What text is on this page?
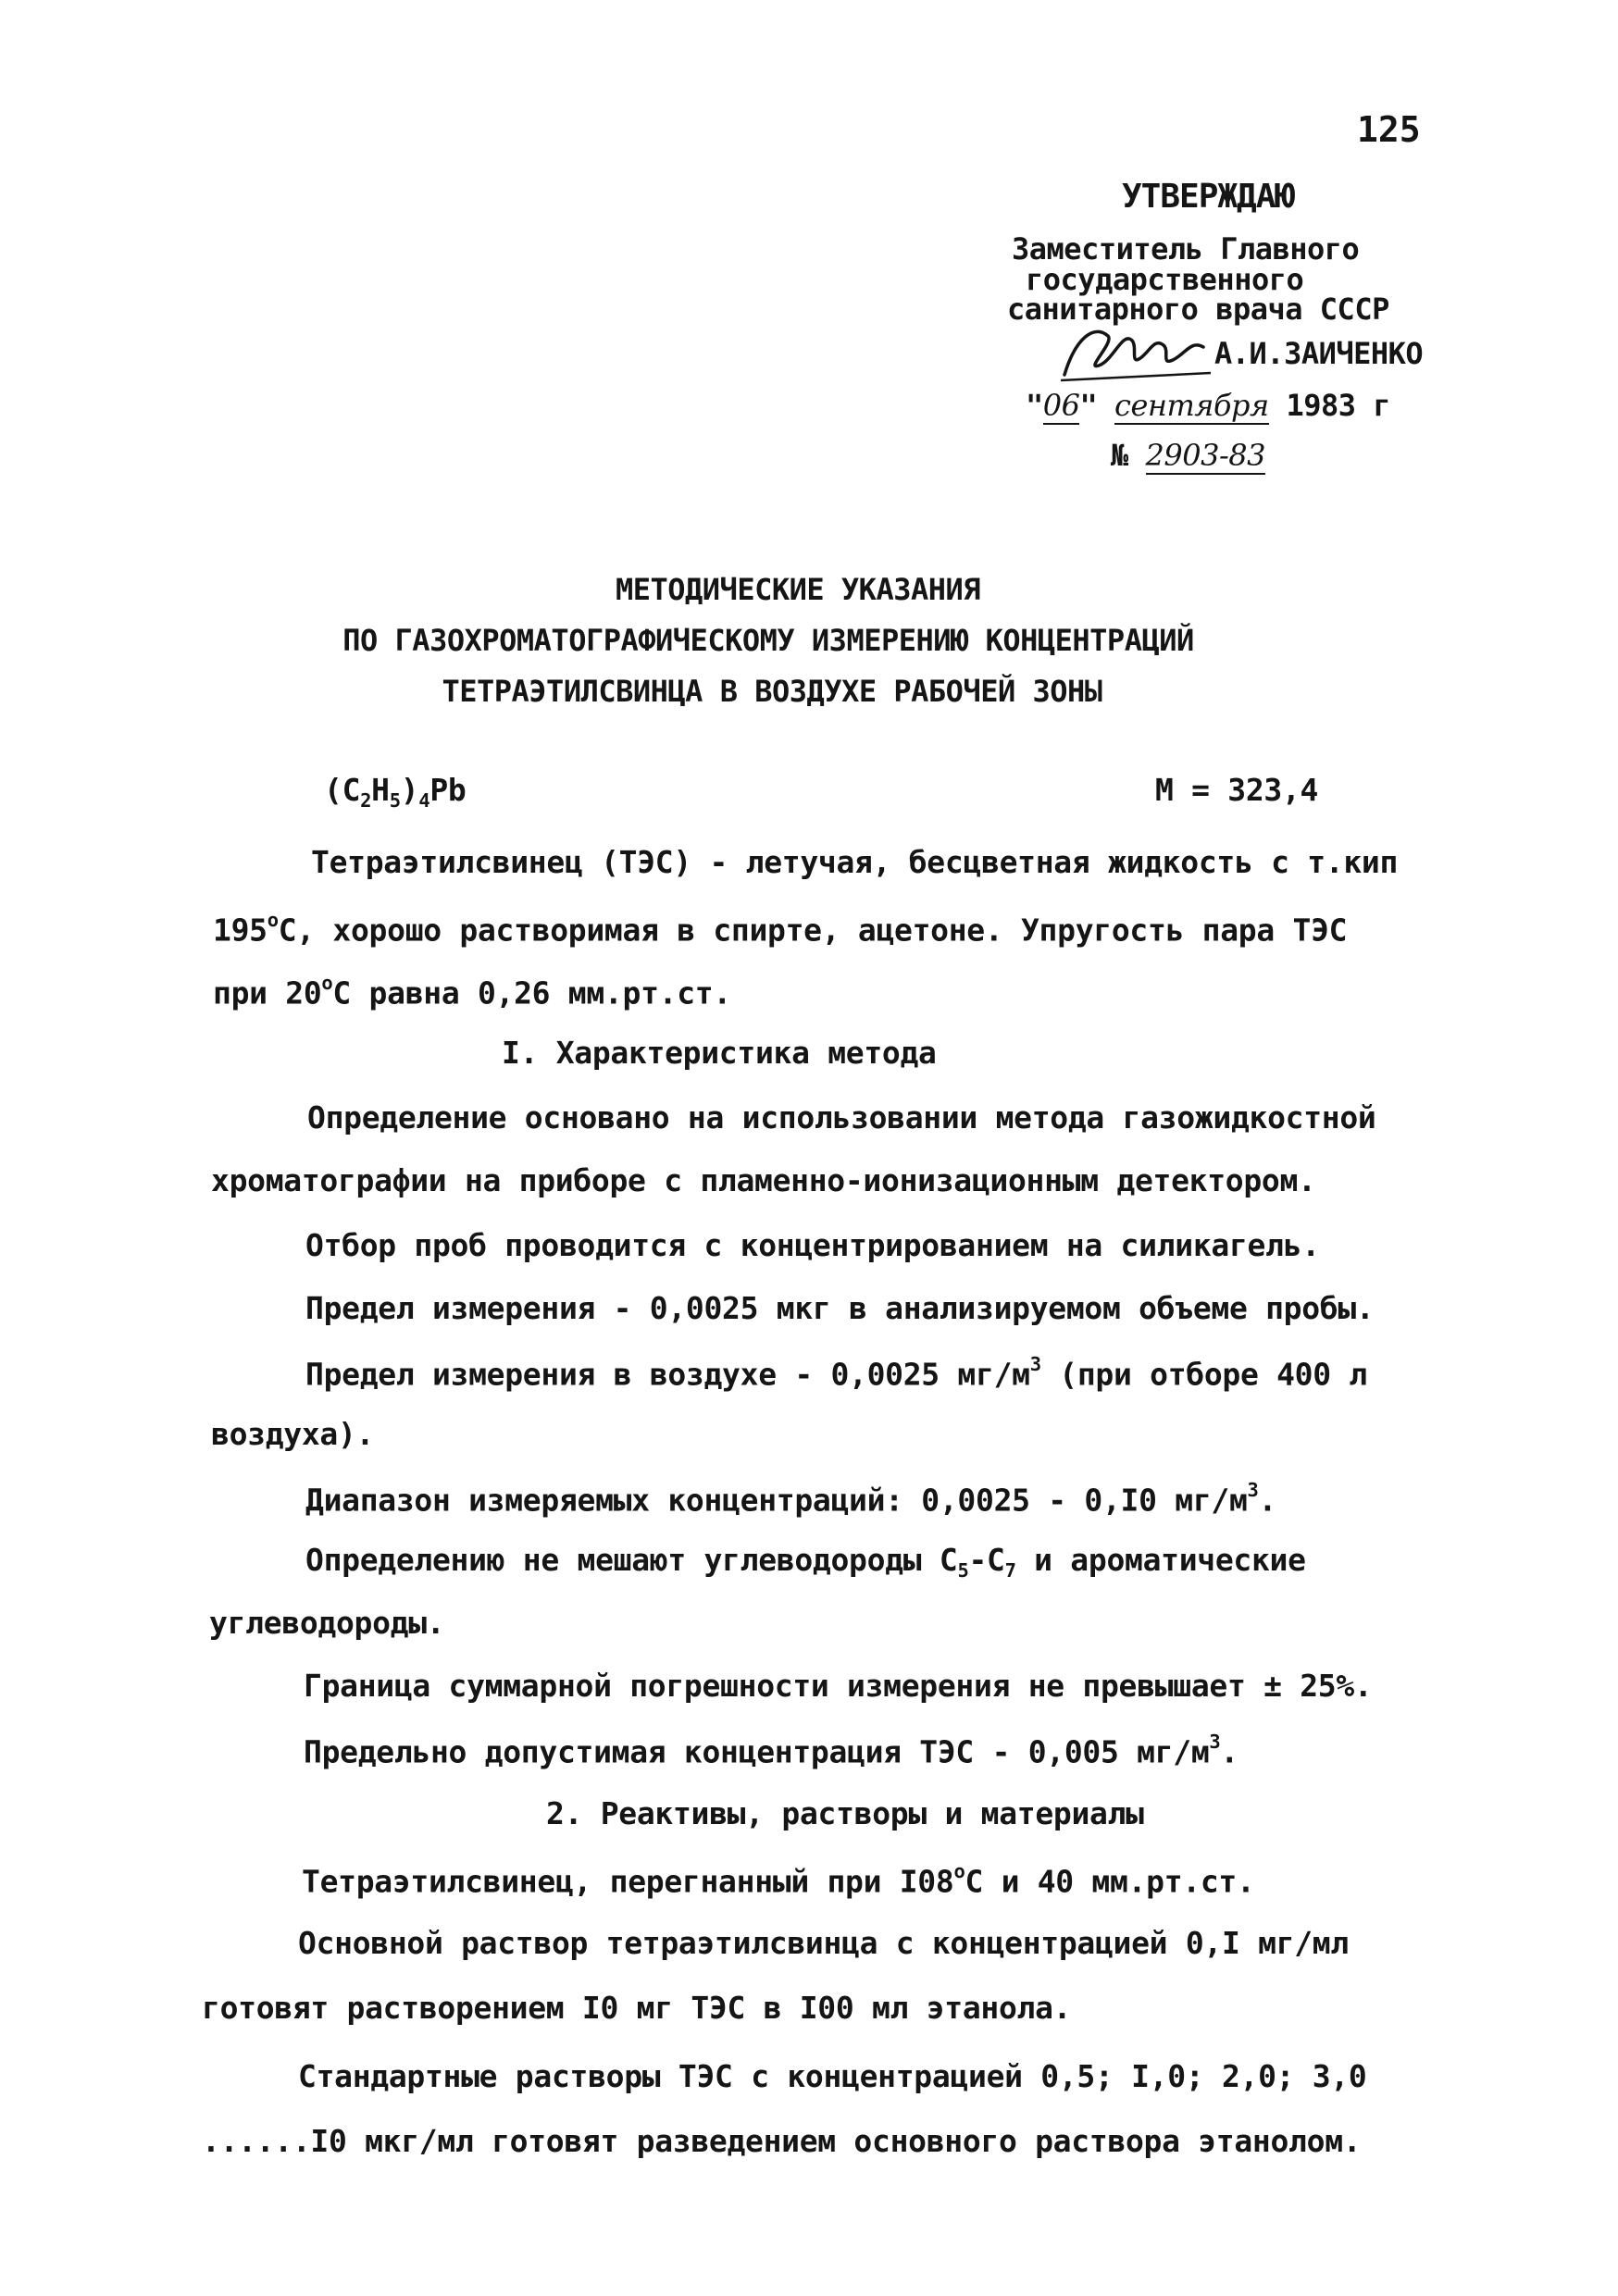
125
УТВЕРЖДАЮ
Заместитель Главного
государственного
санитарного врача СССР
А.И.ЗАИЧЕНКО
"06" сентября 1983 г
№ 2903-83
МЕТОДИЧЕСКИЕ УКАЗАНИЯ
ПО ГАЗОХРОМАТОГРАФИЧЕСКОМУ ИЗМЕРЕНИЮ КОНЦЕНТРАЦИЙ
ТЕТРАЭТИЛСВИНЦА В ВОЗДУХЕ РАБОЧЕЙ ЗОНЫ
$(C_2H_5)_4Pb$	М = 323,4
Тетраэтилсвинец (ТЭС) - летучая, бесцветная жидкость с т.кип
$195^оС$, хорошо растворимая в спирте, ацетоне. Упругость пара ТЭС
при $20^оС$ равна 0,26 мм.рт.ст.
I. Характеристика метода
Определение основано на использовании метода газожидкостной
хроматографии на приборе с пламенно-ионизационным детектором.
Отбор проб проводится с концентрированием на силикагель.
Предел измерения - 0,0025 мкг в анализируемом объеме пробы.
Предел измерения в воздухе - 0,0025 $мг/м^3$ (при отборе 400 л
воздуха).
Диапазон измеряемых концентраций: 0,0025 - 0,I0 $мг/м^3$.
Определению не мешают углеводороды $С_5-С_7$ и ароматические
углеводороды.
Граница суммарной погрешности измерения не превышает ± 25%.
Предельно допустимая концентрация ТЭС - 0,005 $мг/м^3$.
2. Реактивы, растворы и материалы
Тетраэтилсвинец, перегнанный при $I08^оС$ и 40 мм.рт.ст.
Основной раствор тетраэтилсвинца с концентрацией 0,I мг/мл
готовят растворением I0 мг ТЭС в I00 мл этанола.
Стандартные растворы ТЭС с концентрацией 0,5; I,0; 2,0; 3,0
......I0 мкг/мл готовят разведением основного раствора этанолом.
